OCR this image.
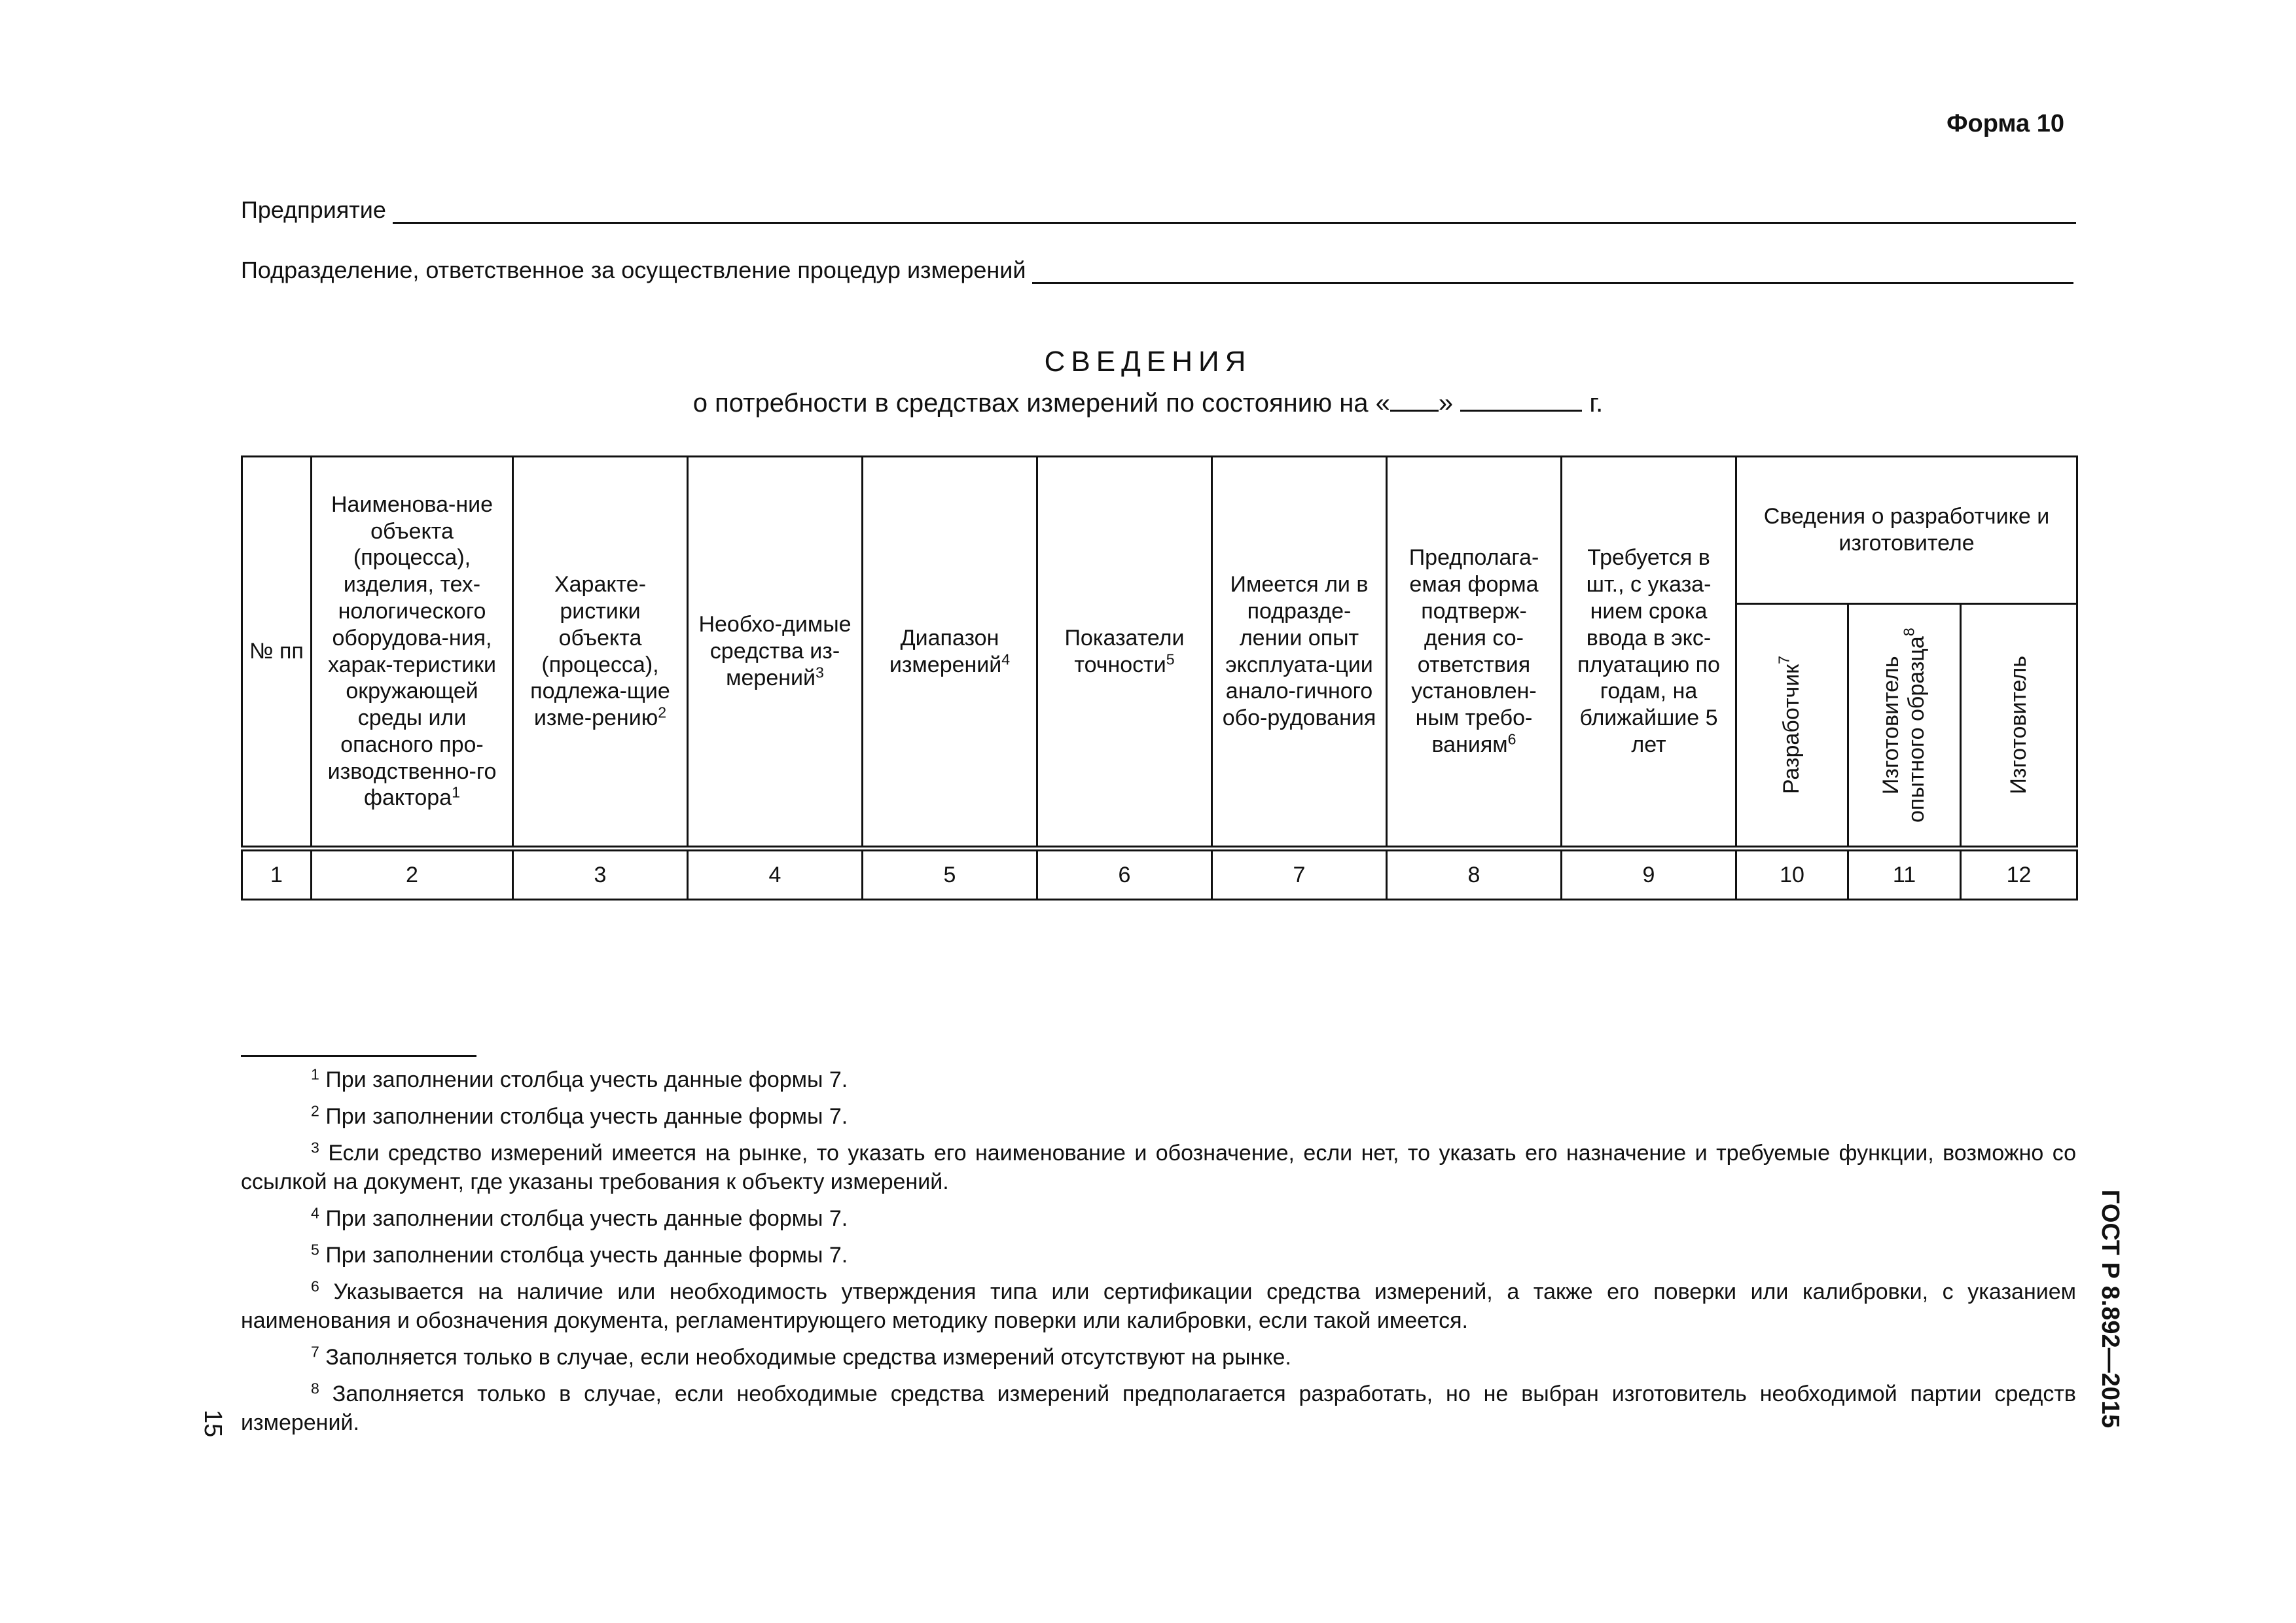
Форма 10
Предприятие
Подразделение, ответственное за осуществление процедур измерений
СВЕДЕНИЯ
о потребности в средствах измерений по состоянию на « »	г.
№ пп	Наименова-ние объекта (процесса), изделия, тех-нологического оборудова-ния, харак-теристики окружающей среды или опасного про-изводственно-го фактора$^1$	Характе-ристики объекта (процесса), подлежа-щие изме-рению$^2$	Необхо-димые средства из-мерений$^3$	Диапазон измерений$^4$	Показатели точности$^5$	Имеется ли в подразде-лении опыт эксплуата-ции анало-гичного обо-рудования	Предполага-емая форма подтверж-дения со-ответствия установлен-ным требо-ваниям$^6$	Требуется в шт., с указа-нием срока ввода в экс-плуатацию по годам, на ближайшие 5 лет	Сведения о разработчике и изготовителе		

									Разработчик$^7$	Изготовитель опытного образца$^8$	Изготовитель

1	2	3	4	5	6	7	8	9	10	11	12
$^1$ При заполнении столбца учесть данные формы 7.
$^2$ При заполнении столбца учесть данные формы 7.
$^3$ Если средство измерений имеется на рынке, то указать его наименование и обозначение, если нет, то указать его назначение и требуемые функции, возможно со ссылкой на документ, где указаны требования к объекту измерений.
$^4$ При заполнении столбца учесть данные формы 7.
$^5$ При заполнении столбца учесть данные формы 7.
$^6$ Указывается на наличие или необходимость утверждения типа или сертификации средства измерений, а также его поверки или калибровки, с указанием наименования и обозначения документа, регламентирующего методику поверки или калибровки, если такой имеется.
$^7$ Заполняется только в случае, если необходимые средства измерений отсутствуют на рынке.
$^8$ Заполняется только в случае, если необходимые средства измерений предполагается разработать, но не выбран изготовитель необходимой партии средств измерений.	ГОСТ Р 8.892—2015
15
